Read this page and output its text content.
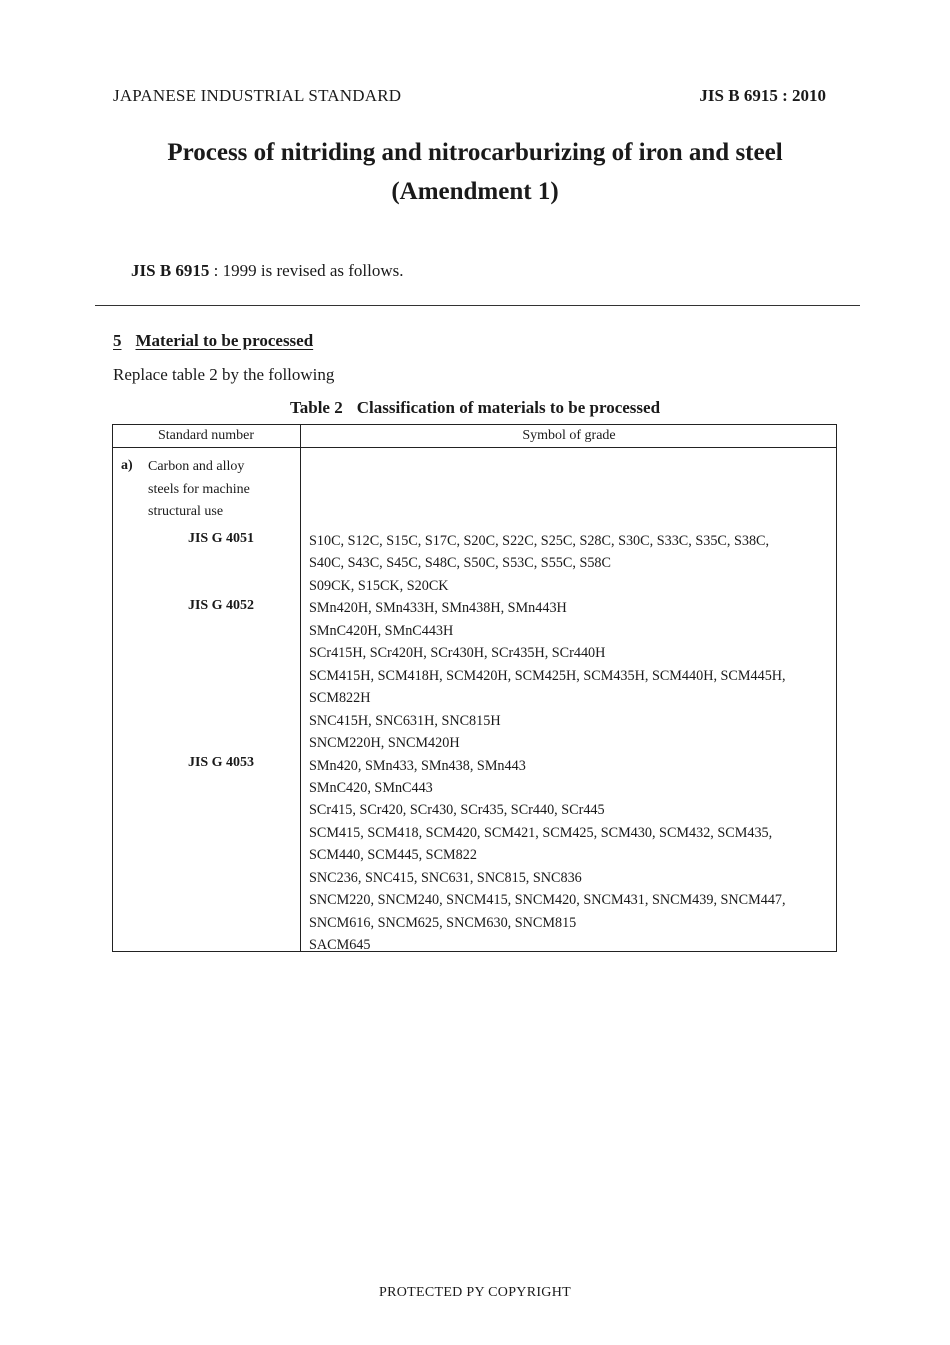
JAPANESE INDUSTRIAL STANDARD	JIS B 6915 : 2010
Process of nitriding and nitrocarburizing of iron and steel
(Amendment 1)
JIS B 6915 : 1999 is revised as follows.
5 Material to be processed
Replace table 2 by the following
Table 2 Classification of materials to be processed
Standard number	Symbol of grade
a) Carbon and alloy
steels for machine
structural use
JIS G 4051
JIS G 4052
JIS G 4053
S10C, S12C, S15C, S17C, S20C, S22C, S25C, S28C, S30C, S33C, S35C, S38C,
S40C, S43C, S45C, S48C, S50C, S53C, S55C, S58C
S09CK, S15CK, S20CK
SMn420H, SMn433H, SMn438H, SMn443H
SMnC420H, SMnC443H
SCr415H, SCr420H, SCr430H, SCr435H, SCr440H
SCM415H, SCM418H, SCM420H, SCM425H, SCM435H, SCM440H, SCM445H,
SCM822H
SNC415H, SNC631H, SNC815H
SNCM220H, SNCM420H
SMn420, SMn433, SMn438, SMn443
SMnC420, SMnC443
SCr415, SCr420, SCr430, SCr435, SCr440, SCr445
SCM415, SCM418, SCM420, SCM421, SCM425, SCM430, SCM432, SCM435,
SCM440, SCM445, SCM822
SNC236, SNC415, SNC631, SNC815, SNC836
SNCM220, SNCM240, SNCM415, SNCM420, SNCM431, SNCM439, SNCM447,
SNCM616, SNCM625, SNCM630, SNCM815
SACM645
PROTECTED PY COPYRIGHT
